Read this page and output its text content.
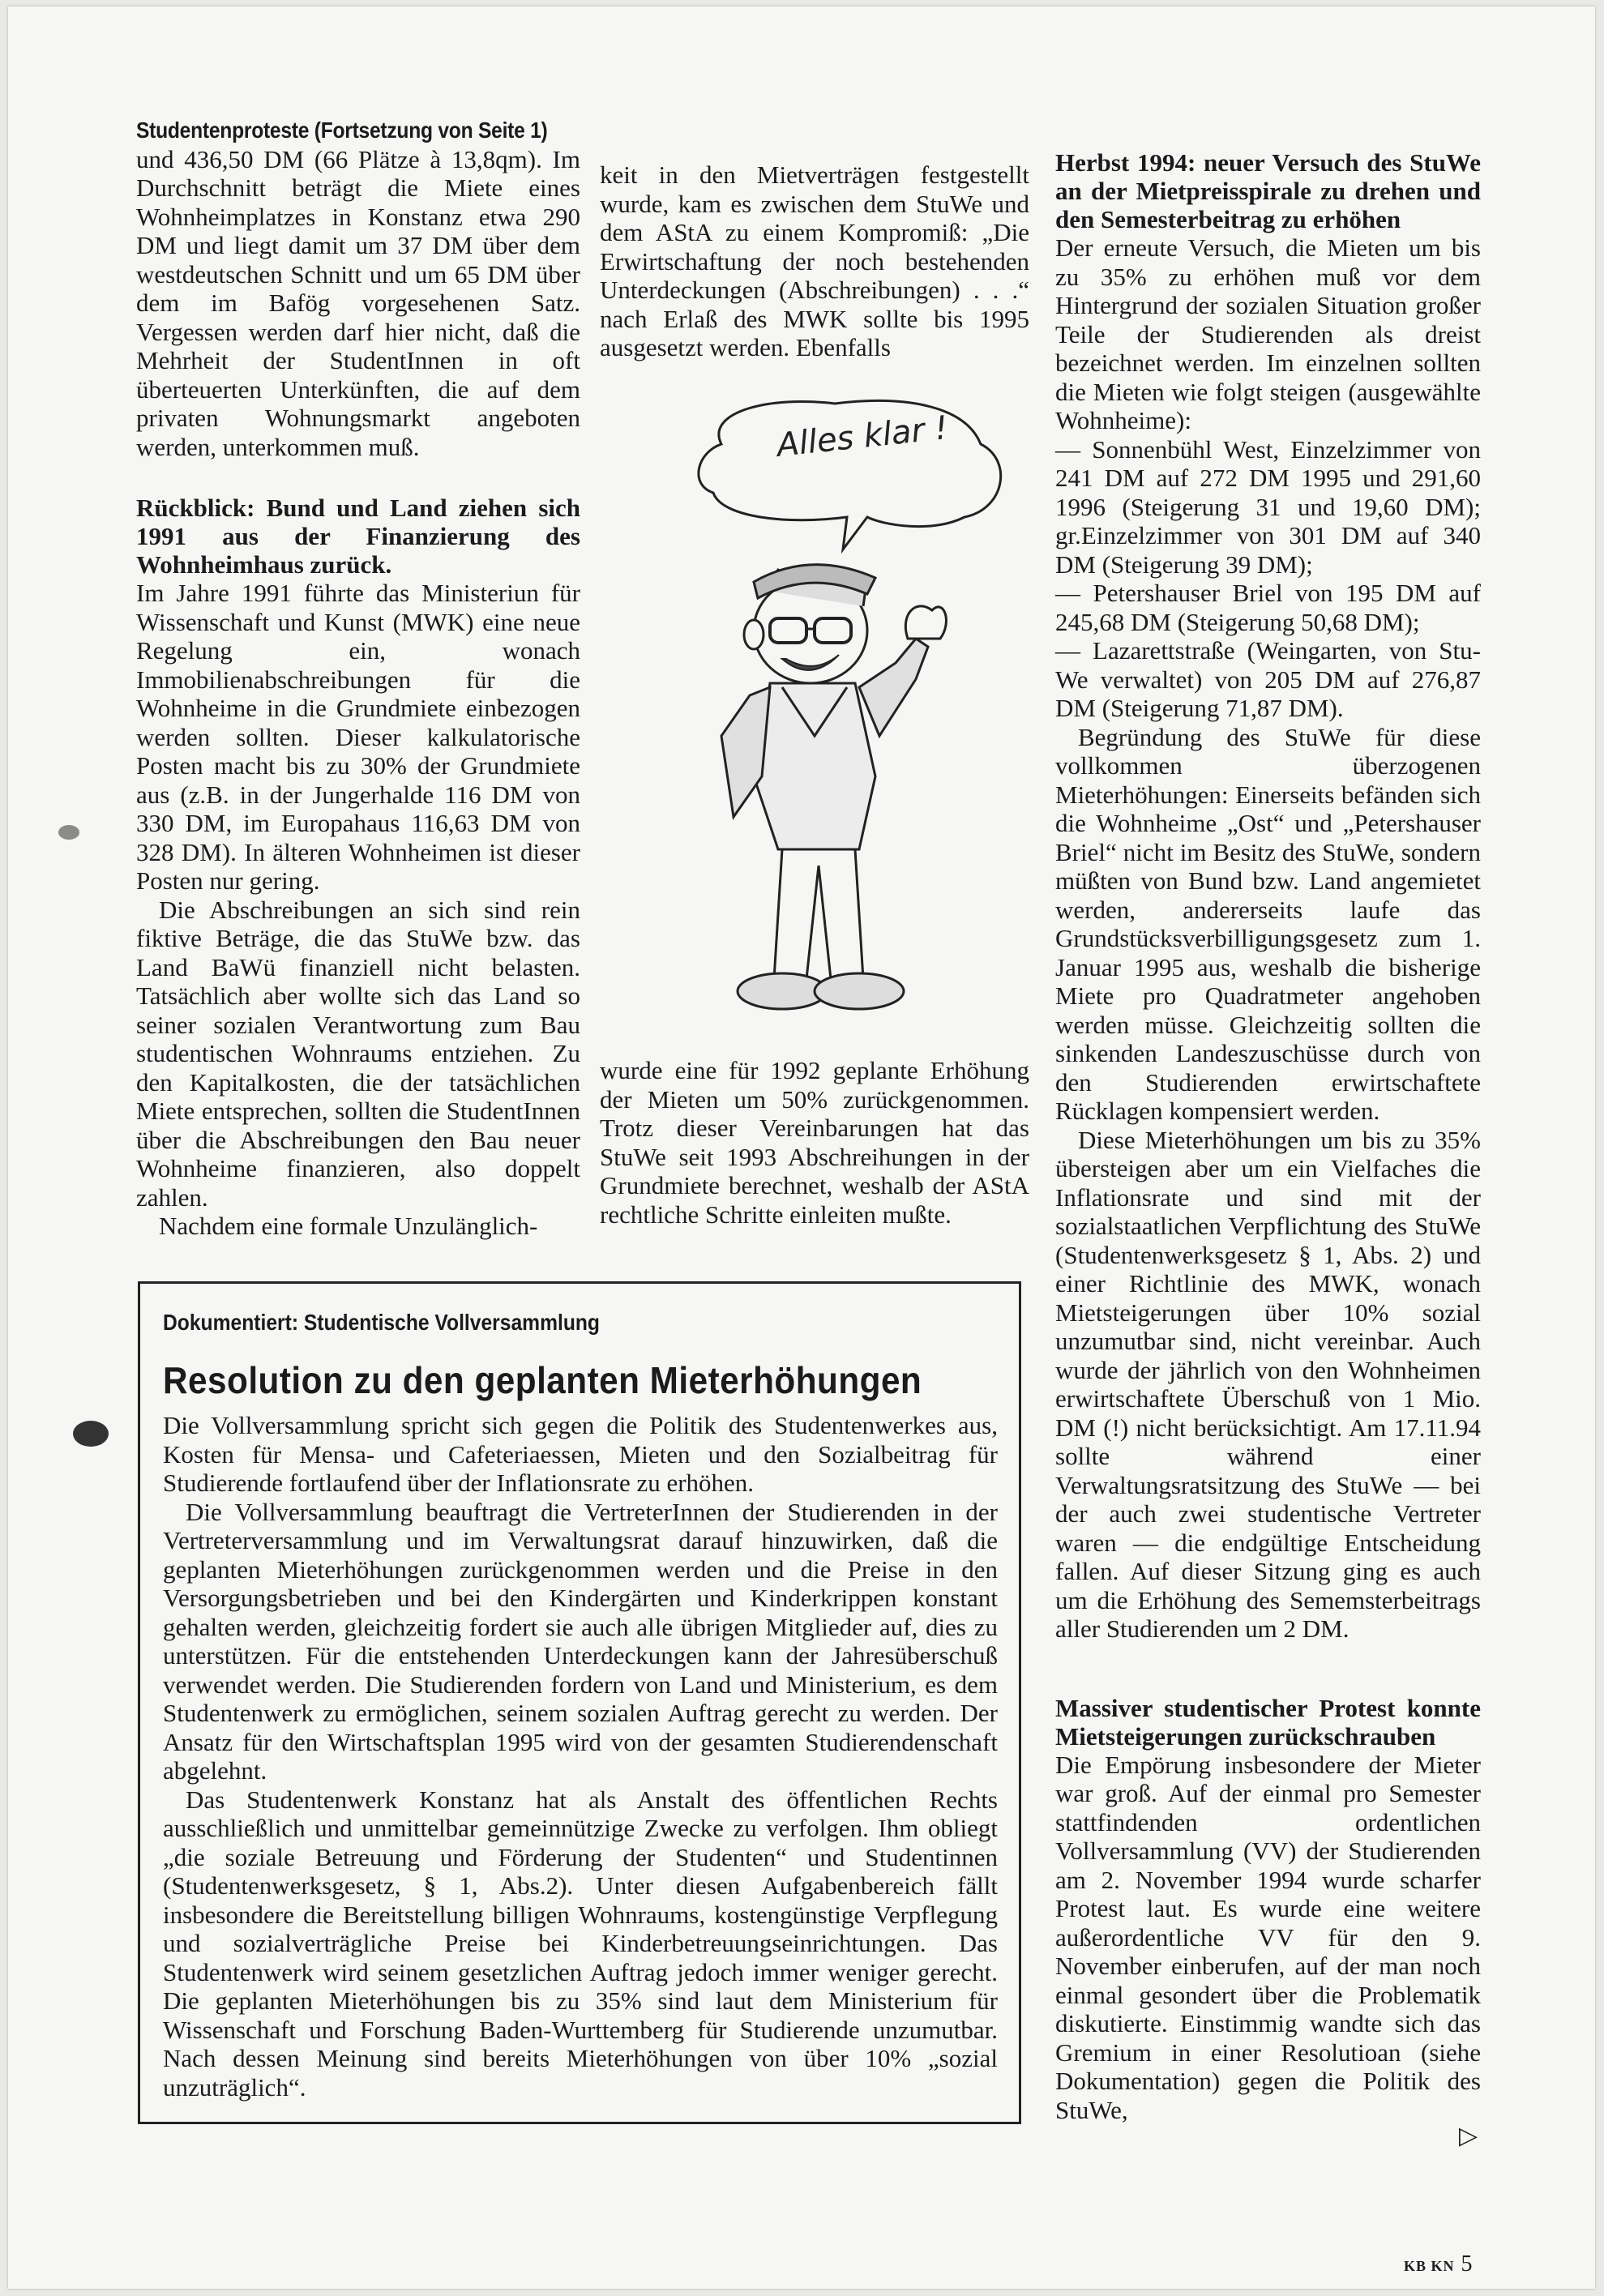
Studentenproteste (Fortsetzung von Seite 1)

und 436,50 DM (66 Plätze à 13,8qm). Im Durchschnitt beträgt die Miete eines Wohnheimplatzes in Konstanz etwa 290 DM und liegt damit um 37 DM über dem westdeutschen Schnitt und um 65 DM über dem im Bafög vorgesehenen Satz. Vergessen werden darf hier nicht, daß die Mehrheit der StudentInnen in oft überteuerten Unterkünften, die auf dem privaten Wohnungsmarkt angeboten werden, unterkommen muß.

Rückblick: Bund und Land ziehen sich 1991 aus der Finanzierung des Wohnheimhaus zurück.

Im Jahre 1991 führte das Ministeriun für Wissenschaft und Kunst (MWK) eine neue Regelung ein, wonach Immobilienabschreibungen für die Wohnheime in die Grundmiete einbezogen werden sollten. Dieser kalkulatorische Posten macht bis zu 30% der Grundmiete aus (z.B. in der Jungerhalde 116 DM von 330 DM, im Europahaus 116,63 DM von 328 DM). In älteren Wohnheimen ist dieser Posten nur gering.

Die Abschreibungen an sich sind rein fiktive Beträge, die das StuWe bzw. das Land BaWü finanziell nicht belasten. Tatsächlich aber wollte sich das Land so seiner sozialen Verantwortung zum Bau studentischen Wohnraums entziehen. Zu den Kapitalkosten, die der tatsächlichen Miete entsprechen, sollten die StudentInnen über die Abschreibungen den Bau neuer Wohnheime finanzieren, also doppelt zahlen.

Nachdem eine formale Unzulänglich-

keit in den Mietverträgen festgestellt wurde, kam es zwischen dem StuWe und dem AStA zu einem Kompromiß: „Die Erwirtschaftung der noch bestehenden Unterdeckungen (Abschreibungen) . . .“ nach Erlaß des MWK sollte bis 1995 ausgesetzt werden. Ebenfalls

Alles klar !

wurde eine für 1992 geplante Erhöhung der Mieten um 50% zurückgenommen. Trotz dieser Vereinbarungen hat das StuWe seit 1993 Abschreihungen in der Grundmiete berechnet, weshalb der AStA rechtliche Schritte einleiten mußte.

Herbst 1994: neuer Versuch des StuWe an der Mietpreisspirale zu drehen und den Semesterbeitrag zu erhöhen

Der erneute Versuch, die Mieten um bis zu 35% zu erhöhen muß vor dem Hintergrund der sozialen Situation großer Teile der Studierenden als dreist bezeichnet werden. Im einzelnen sollten die Mieten wie folgt steigen (ausgewählte Wohnheime):

— Sonnenbühl West, Einzelzimmer von 241 DM auf 272 DM 1995 und 291,60 1996 (Steigerung 31 und 19,60 DM); gr.Einzelzimmer von 301 DM auf 340 DM (Steigerung 39 DM);

— Petershauser Briel von 195 DM auf 245,68 DM (Steigerung 50,68 DM);

— Lazarettstraße (Weingarten, von Stu-We verwaltet) von 205 DM auf 276,87 DM (Steigerung 71,87 DM).

Begründung des StuWe für diese vollkommen überzogenen Mieterhöhungen: Einerseits befänden sich die Wohnheime „Ost“ und „Petershauser Briel“ nicht im Besitz des StuWe, sondern müßten von Bund bzw. Land angemietet werden, andererseits laufe das Grundstücksverbilligungsgesetz zum 1. Januar 1995 aus, weshalb die bisherige Miete pro Quadratmeter angehoben werden müsse. Gleichzeitig sollten die sinkenden Landeszuschüsse durch von den Studierenden erwirtschaftete Rücklagen kompensiert werden.

Diese Mieterhöhungen um bis zu 35% übersteigen aber um ein Vielfaches die Inflationsrate und sind mit der sozialstaatlichen Verpflichtung des StuWe (Studentenwerksgesetz § 1, Abs. 2) und einer Richtlinie des MWK, wonach Mietsteigerungen über 10% sozial unzumutbar sind, nicht vereinbar. Auch wurde der jährlich von den Wohnheimen erwirtschaftete Überschuß von 1 Mio. DM (!) nicht berücksichtigt. Am 17.11.94 sollte während einer Verwaltungsratsitzung des StuWe — bei der auch zwei studentische Vertreter waren — die endgültige Entscheidung fallen. Auf dieser Sitzung ging es auch um die Erhöhung des Sememsterbeitrags aller Studierenden um 2 DM.

Massiver studentischer Protest konnte Mietsteigerungen zurückschrauben

Die Empörung insbesondere der Mieter war groß. Auf der einmal pro Semester stattfindenden ordentlichen Vollversammlung (VV) der Studierenden am 2. November 1994 wurde scharfer Protest laut. Es wurde eine weitere außerordentliche VV für den 9. November einberufen, auf der man noch einmal gesondert über die Problematik diskutierte. Einstimmig wandte sich das Gremium in einer Resolutioan (siehe Dokumentation) gegen die Politik des StuWe,

▷
Dokumentiert: Studentische Vollversammlung
Resolution zu den geplanten Mieterhöhungen

Die Vollversammlung spricht sich gegen die Politik des Studentenwerkes aus, Kosten für Mensa- und Cafeteriaessen, Mieten und den Sozialbeitrag für Studierende fortlaufend über der Inflationsrate zu erhöhen.

Die Vollversammlung beauftragt die VertreterInnen der Studierenden in der Vertreterversammlung und im Verwaltungsrat darauf hinzuwirken, daß die geplanten Mieterhöhungen zurückgenommen werden und die Preise in den Versorgungsbetrieben und bei den Kindergärten und Kinderkrippen konstant gehalten werden, gleichzeitig fordert sie auch alle übrigen Mitglieder auf, dies zu unterstützen. Für die entstehenden Unterdeckungen kann der Jahresüberschuß verwendet werden. Die Studierenden fordern von Land und Ministerium, es dem Studentenwerk zu ermöglichen, seinem sozialen Auftrag gerecht zu werden. Der Ansatz für den Wirtschaftsplan 1995 wird von der gesamten Studierendenschaft abgelehnt.

Das Studentenwerk Konstanz hat als Anstalt des öffentlichen Rechts ausschließlich und unmittelbar gemeinnützige Zwecke zu verfolgen. Ihm obliegt „die soziale Betreuung und Förderung der Studenten“ und Studentinnen (Studentenwerksgesetz, § 1, Abs.2). Unter diesen Aufgabenbereich fällt insbesondere die Bereitstellung billigen Wohnraums, kostengünstige Verpflegung und sozialverträgliche Preise bei Kinderbetreuungseinrichtungen. Das Studentenwerk wird seinem gesetzlichen Auftrag jedoch immer weniger gerecht. Die geplanten Mieterhöhungen bis zu 35% sind laut dem Ministerium für Wissenschaft und Forschung Baden-Wurttemberg für Studierende unzumutbar. Nach dessen Meinung sind bereits Mieterhöhungen von über 10% „sozial unzuträglich“.

KB KN 5
